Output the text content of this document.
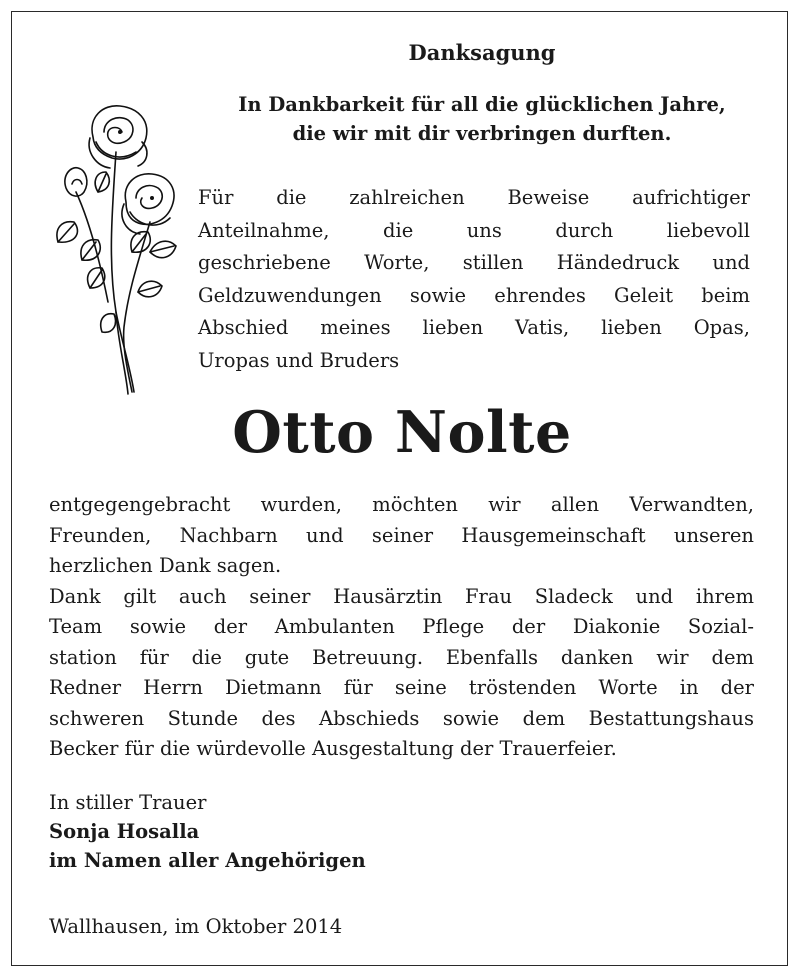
Danksagung
In Dankbarkeit für all die glücklichen Jahre,
die wir mit dir verbringen durften.
Für die zahlreichen Beweise aufrichtiger
Anteilnahme, die uns durch liebevoll
geschriebene Worte, stillen Händedruck und
Geldzuwendungen sowie ehrendes Geleit beim
Abschied meines lieben Vatis, lieben Opas,
Uropas und Bruders
Otto Nolte
entgegengebracht wurden, möchten wir allen Verwandten,
Freunden, Nachbarn und seiner Hausgemeinschaft unseren
herzlichen Dank sagen.
Dank gilt auch seiner Hausärztin Frau Sladeck und ihrem
Team sowie der Ambulanten Pflege der Diakonie Sozial-
station für die gute Betreuung. Ebenfalls danken wir dem
Redner Herrn Dietmann für seine tröstenden Worte in der
schweren Stunde des Abschieds sowie dem Bestattungshaus
Becker für die würdevolle Ausgestaltung der Trauerfeier.
In stiller Trauer
Sonja Hosalla
im Namen aller Angehörigen
Wallhausen, im Oktober 2014
